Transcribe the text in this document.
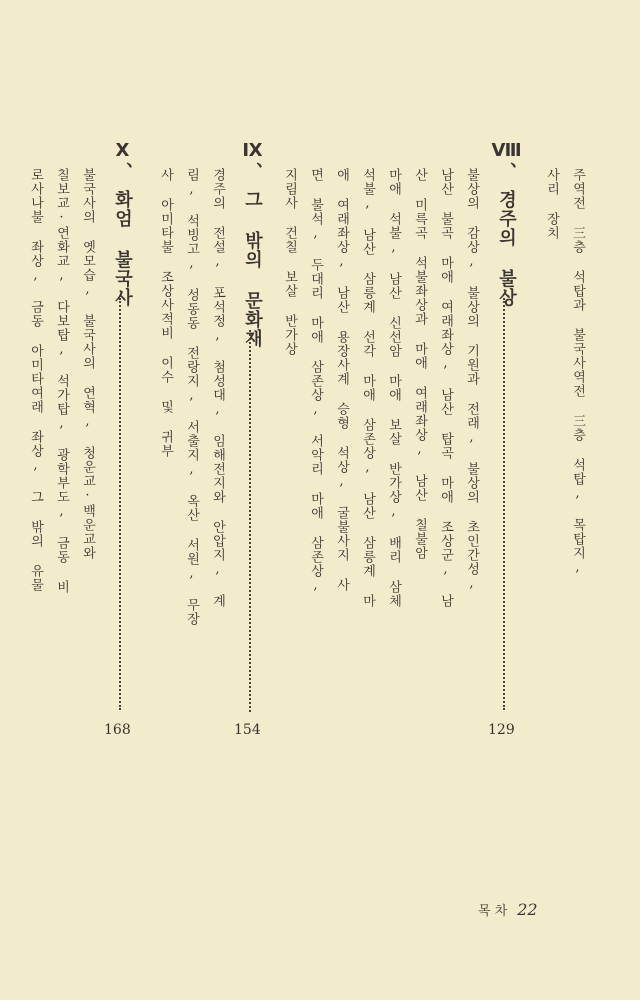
주역전 三층 석탑과 불국사역전 三층 석탑, 목탑지,
사리 장치
Ⅷ、
경주의 불상
129
불상의 감상, 불상의 기원과 전래, 불상의 초인간성,
남산 불곡 마애 여래좌상, 남산 탑곡 마애 조상군, 남
산 미륵곡 석불좌상과 마애 여래좌상, 남산 칠불암
마애 석불, 남산 신선암 마애 보살 반가상, 배리 삼체
석불, 남산 삼릉계 선각 마애 삼존상, 남산 삼릉계 마
애 여래좌상, 남산 용장사계 승형 석상, 굴불사지 사
면 불석, 두대리 마애 삼존상, 서악리 마애 삼존상,
지림사 건칠 보살 반가상
Ⅸ、
그 밖의 문화재
154
경주의 전설, 포석정, 첨성대, 임해전지와 안압지, 계
림, 석빙고, 성동동 전랑지, 서출지, 옥산 서원, 무장
사 아미타불 조상사적비 이수 및 귀부
Ⅹ、
화엄 불국사
168
불국사의 옛모습, 불국사의 연혁, 청운교·백운교와
칠보교·연화교, 다보탑, 석가탑, 광학부도, 금동 비
로사나불 좌상, 금동 아미타여래 좌상, 그 밖의 유물
목 차 22
